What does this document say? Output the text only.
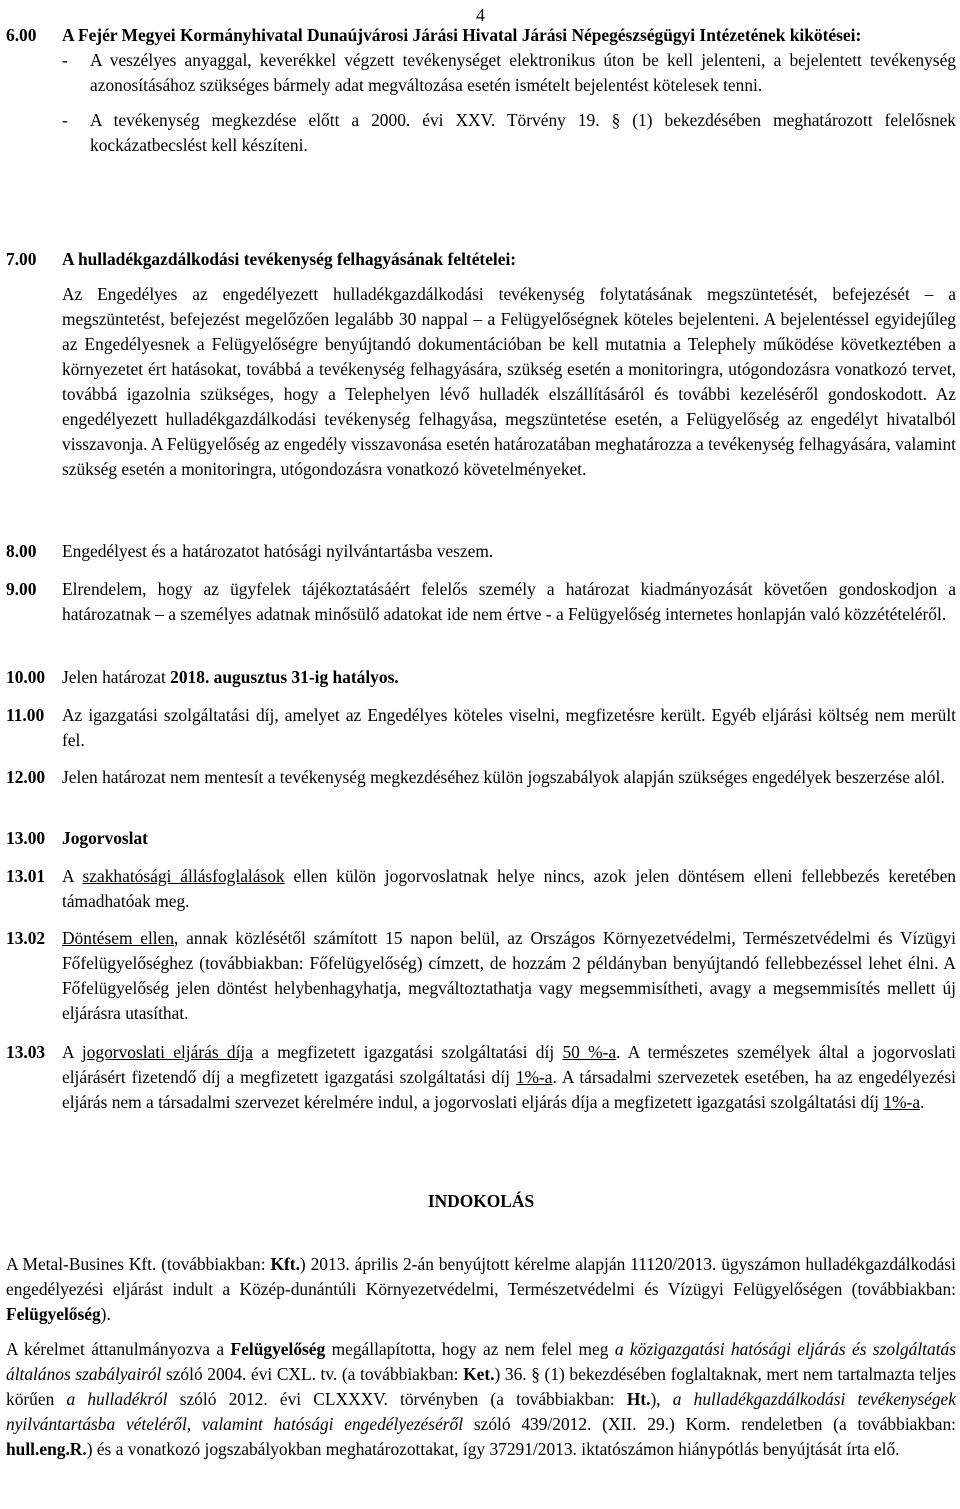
4
6.00	A Fejér Megyei Kormányhivatal Dunaújvárosi Járási Hivatal Járási Népegészségügyi Intézetének kikötései:
-	A veszélyes anyaggal, keverékkel végzett tevékenységet elektronikus úton be kell jelenteni, a bejelentett tevékenység azonosításához szükséges bármely adat megváltozása esetén ismételt bejelentést kötelesek tenni.
-	A tevékenység megkezdése előtt a 2000. évi XXV. Törvény 19. § (1) bekezdésében meghatározott felelősnek kockázatbecslést kell készíteni.
7.00	A hulladékgazdálkodási tevékenység felhagyásának feltételei:

Az Engedélyes az engedélyezett hulladékgazdálkodási tevékenység folytatásának megszüntetését, befejezését – a megszüntetést, befejezést megelőzően legalább 30 nappal – a Felügyelőségnek köteles bejelenteni. A bejelentéssel egyidejűleg az Engedélyesnek a Felügyelőségre benyújtandó dokumentációban be kell mutatnia a Telephely működése következtében a környezetet ért hatásokat, továbbá a tevékenység felhagyására, szükség esetén a monitoringra, utógondozásra vonatkozó tervet, továbbá igazolnia szükséges, hogy a Telephelyen lévő hulladék elszállításáról és további kezeléséről gondoskodott. Az engedélyezett hulladékgazdálkodási tevékenység felhagyása, megszüntetése esetén, a Felügyelőség az engedélyt hivatalból visszavonja. A Felügyelőség az engedély visszavonása esetén határozatában meghatározza a tevékenység felhagyására, valamint szükség esetén a monitoringra, utógondozásra vonatkozó követelményeket.

8.00	Engedélyest és a határozatot hatósági nyilvántartásba veszem.
9.00	Elrendelem, hogy az ügyfelek tájékoztatásáért felelős személy a határozat kiadmányozását követően gondoskodjon a határozatnak – a személyes adatnak minősülő adatokat ide nem értve - a Felügyelőség internetes honlapján való közzétételéről.
10.00 Jelen határozat 2018. augusztus 31-ig hatályos.
11.00	Az igazgatási szolgáltatási díj, amelyet az Engedélyes köteles viselni, megfizetésre került. Egyéb eljárási költség nem merült fel.
12.00 Jelen határozat nem mentesít a tevékenység megkezdéséhez külön jogszabályok alapján szükséges engedélyek beszerzése alól.
13.00 Jogorvoslat
13.01 A szakhatósági állásfoglalások ellen külön jogorvoslatnak helye nincs, azok jelen döntésem elleni fellebbezés keretében támadhatóak meg.
13.02 Döntésem ellen, annak közlésétől számított 15 napon belül, az Országos Környezetvédelmi, Természetvédelmi és Vízügyi Főfelügyelőséghez (továbbiakban: Főfelügyelőség) címzett, de hozzám 2 példányban benyújtandó fellebbezéssel lehet élni. A Főfelügyelőség jelen döntést helybenhagyhatja, megváltoztathatja vagy megsemmisítheti, avagy a megsemmisítés mellett új eljárásra utasíthat.
13.03 A jogorvoslati eljárás díja a megfizetett igazgatási szolgáltatási díj 50 %-a. A természetes személyek által a jogorvoslati eljárásért fizetendő díj a megfizetett igazgatási szolgáltatási díj 1%-a. A társadalmi szervezetek esetében, ha az engedélyezési eljárás nem a társadalmi szervezet kérelmére indul, a jogorvoslati eljárás díja a megfizetett igazgatási szolgáltatási díj 1%-a.
INDOKOLÁS

A Metal-Busines Kft. (továbbiakban: Kft.) 2013. április 2-án benyújtott kérelme alapján 11120/2013. ügyszámon hulladékgazdálkodási engedélyezési eljárást indult a Közép-dunántúli Környezetvédelmi, Természetvédelmi és Vízügyi Felügyelőségen (továbbiakban: Felügyelőség).

A kérelmet áttanulmányozva a Felügyelőség megállapította, hogy az nem felel meg a közigazgatási hatósági eljárás és szolgáltatás általános szabályairól szóló 2004. évi CXL. tv. (a továbbiakban: Ket.) 36. § (1) bekezdésében foglaltaknak, mert nem tartalmazta teljes körűen a hulladékról szóló 2012. évi CLXXXV. törvényben (a továbbiakban: Ht.), a hulladékgazdálkodási tevékenységek nyilvántartásba vételéről, valamint hatósági engedélyezéséről szóló 439/2012. (XII. 29.) Korm. rendeletben (a továbbiakban: hull.eng.R.) és a vonatkozó jogszabályokban meghatározottakat, így 37291/2013. iktatószámon hiánypótlás benyújtását írta elő.
